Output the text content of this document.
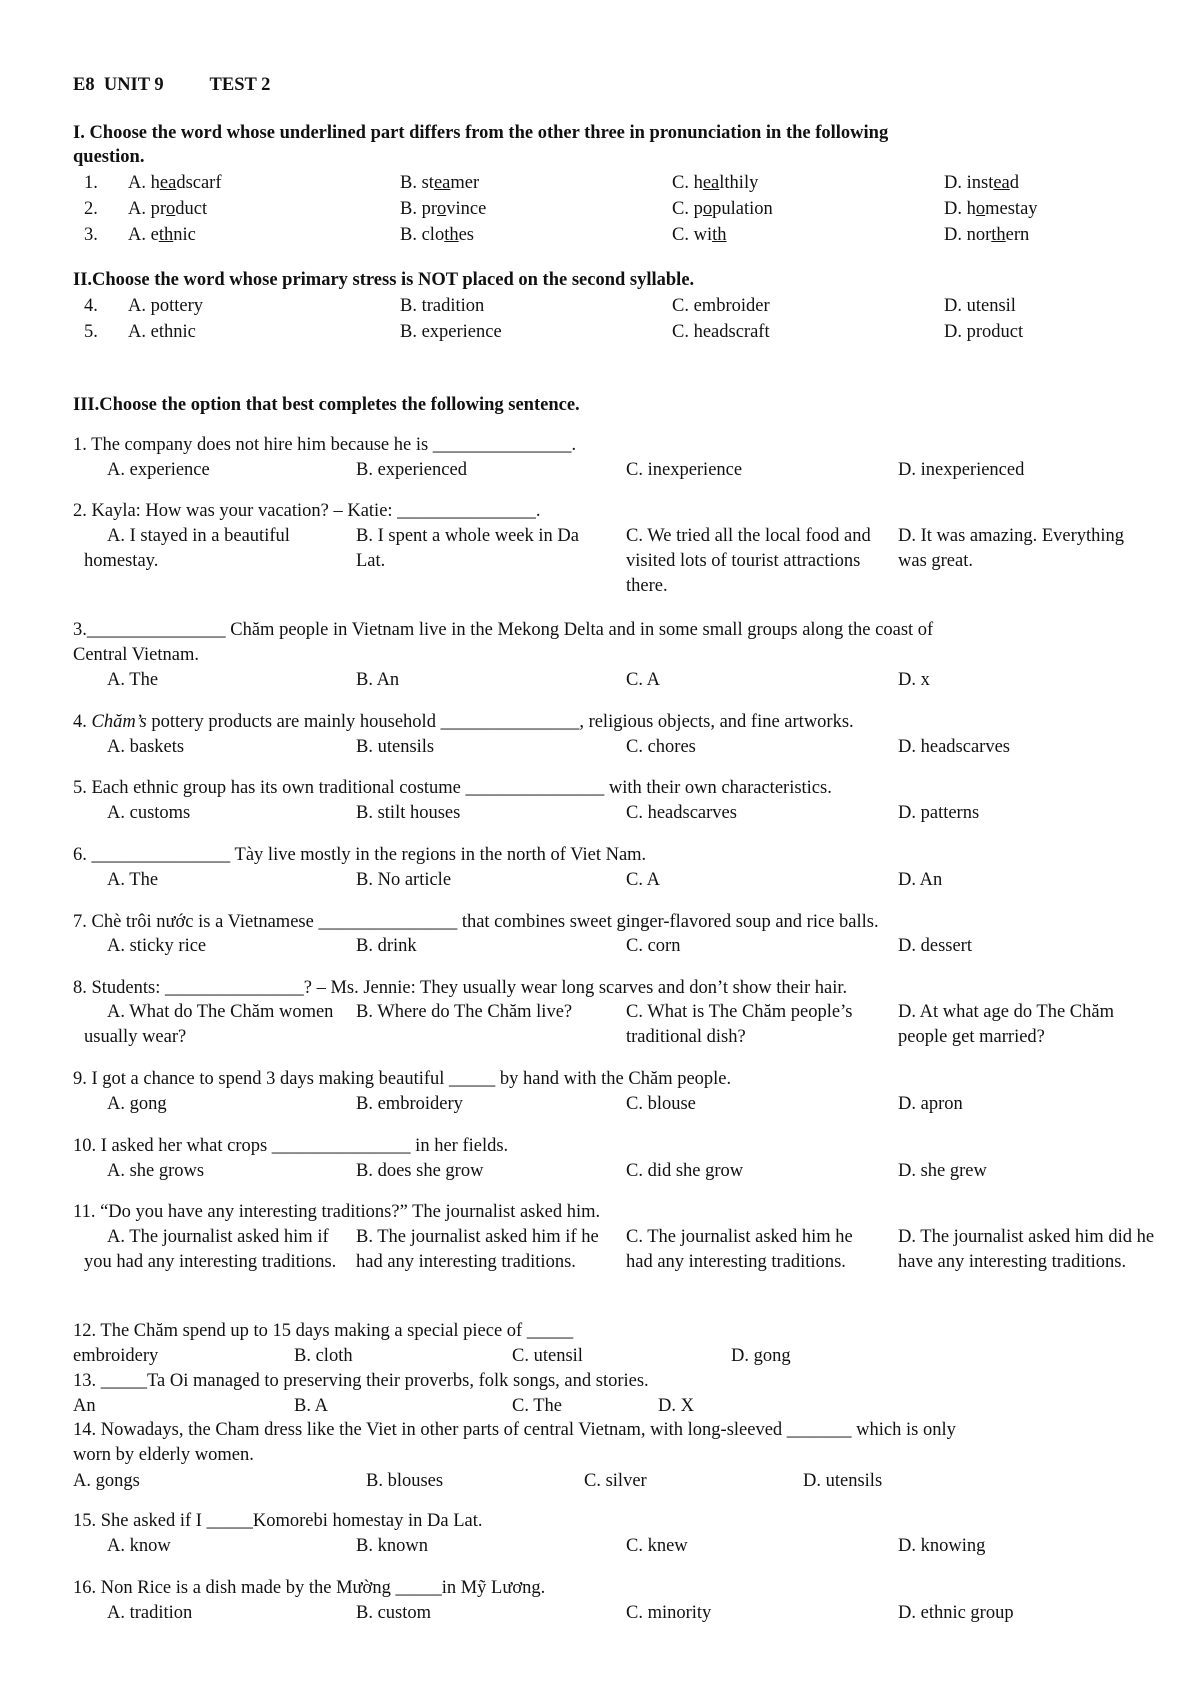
E8  UNIT 9          TEST 2
I. Choose the word whose underlined part differs from the other three in pronunciation in the following
question.
1. A. headscarf	B. steamer	C. healthily	D. instead
2. A. product	B. province	C. population	D. homestay
3. A. ethnic	B. clothes	C. with	D. northern
II.Choose the word whose primary stress is NOT placed on the second syllable.
4. A. pottery	B. tradition	C. embroider	D. utensil
5. A. ethnic	B. experience	C. headscraft	D. product
III.Choose the option that best completes the following sentence.
1. The company does not hire him because he is _______________.
A. experience	B. experienced	C. inexperience	D. inexperienced
2. Kayla: How was your vacation? – Katie: _______________.
A. I stayed in a beautiful homestay.
B. I spent a whole week in Da Lat.
C. We tried all the local food and visited lots of tourist attractions there.
D. It was amazing. Everything was great.
3._______________ Chăm people in Vietnam live in the Mekong Delta and in some small groups along the coast of
Central Vietnam.
A. The	B. An	C. A	D. x
4. Chăm’s pottery products are mainly household _______________, religious objects, and fine artworks.
A. baskets	B. utensils	C. chores	D. headscarves
5. Each ethnic group has its own traditional costume _______________ with their own characteristics.
A. customs	B. stilt houses	C. headscarves	D. patterns
6. _______________ Tày live mostly in the regions in the north of Viet Nam.
A. The	B. No article	C. A	D. An
7. Chè trôi nước is a Vietnamese _______________ that combines sweet ginger-flavored soup and rice balls.
A. sticky rice	B. drink	C. corn	D. dessert
8. Students: _______________? – Ms. Jennie: They usually wear long scarves and don’t show their hair.
A. What do The Chăm women usually wear?
B. Where do The Chăm live?	C. What is The Chăm people’s traditional dish?
D. At what age do The Chăm people get married?
9. I got a chance to spend 3 days making beautiful _____ by hand with the Chăm people.
A. gong	B. embroidery	C. blouse	D. apron
10. I asked her what crops _______________ in her fields.
A. she grows	B. does she grow	C. did she grow	D. she grew
11. “Do you have any interesting traditions?” The journalist asked him.
A. The journalist asked him if you had any interesting traditions.
B. The journalist asked him if he had any interesting traditions.
C. The journalist asked him he had any interesting traditions.
D. The journalist asked him did he have any interesting traditions.
12. The Chăm spend up to 15 days making a special piece of _____
embroidery	B. cloth	C. utensil	D. gong
13. _____Ta Oi managed to preserving their proverbs, folk songs, and stories.
An	B. A	C. The	D. X
14. Nowadays, the Cham dress like the Viet in other parts of central Vietnam, with long-sleeved _______ which is only
worn by elderly women.
A. gongs	B. blouses	C. silver	D. utensils
15. She asked if I _____Komorebi homestay in Da Lat.
A. know	B. known	C. knew	D. knowing
16. Non Rice is a dish made by the Mường _____in Mỹ Lương.
A. tradition	B. custom	C. minority	D. ethnic group
